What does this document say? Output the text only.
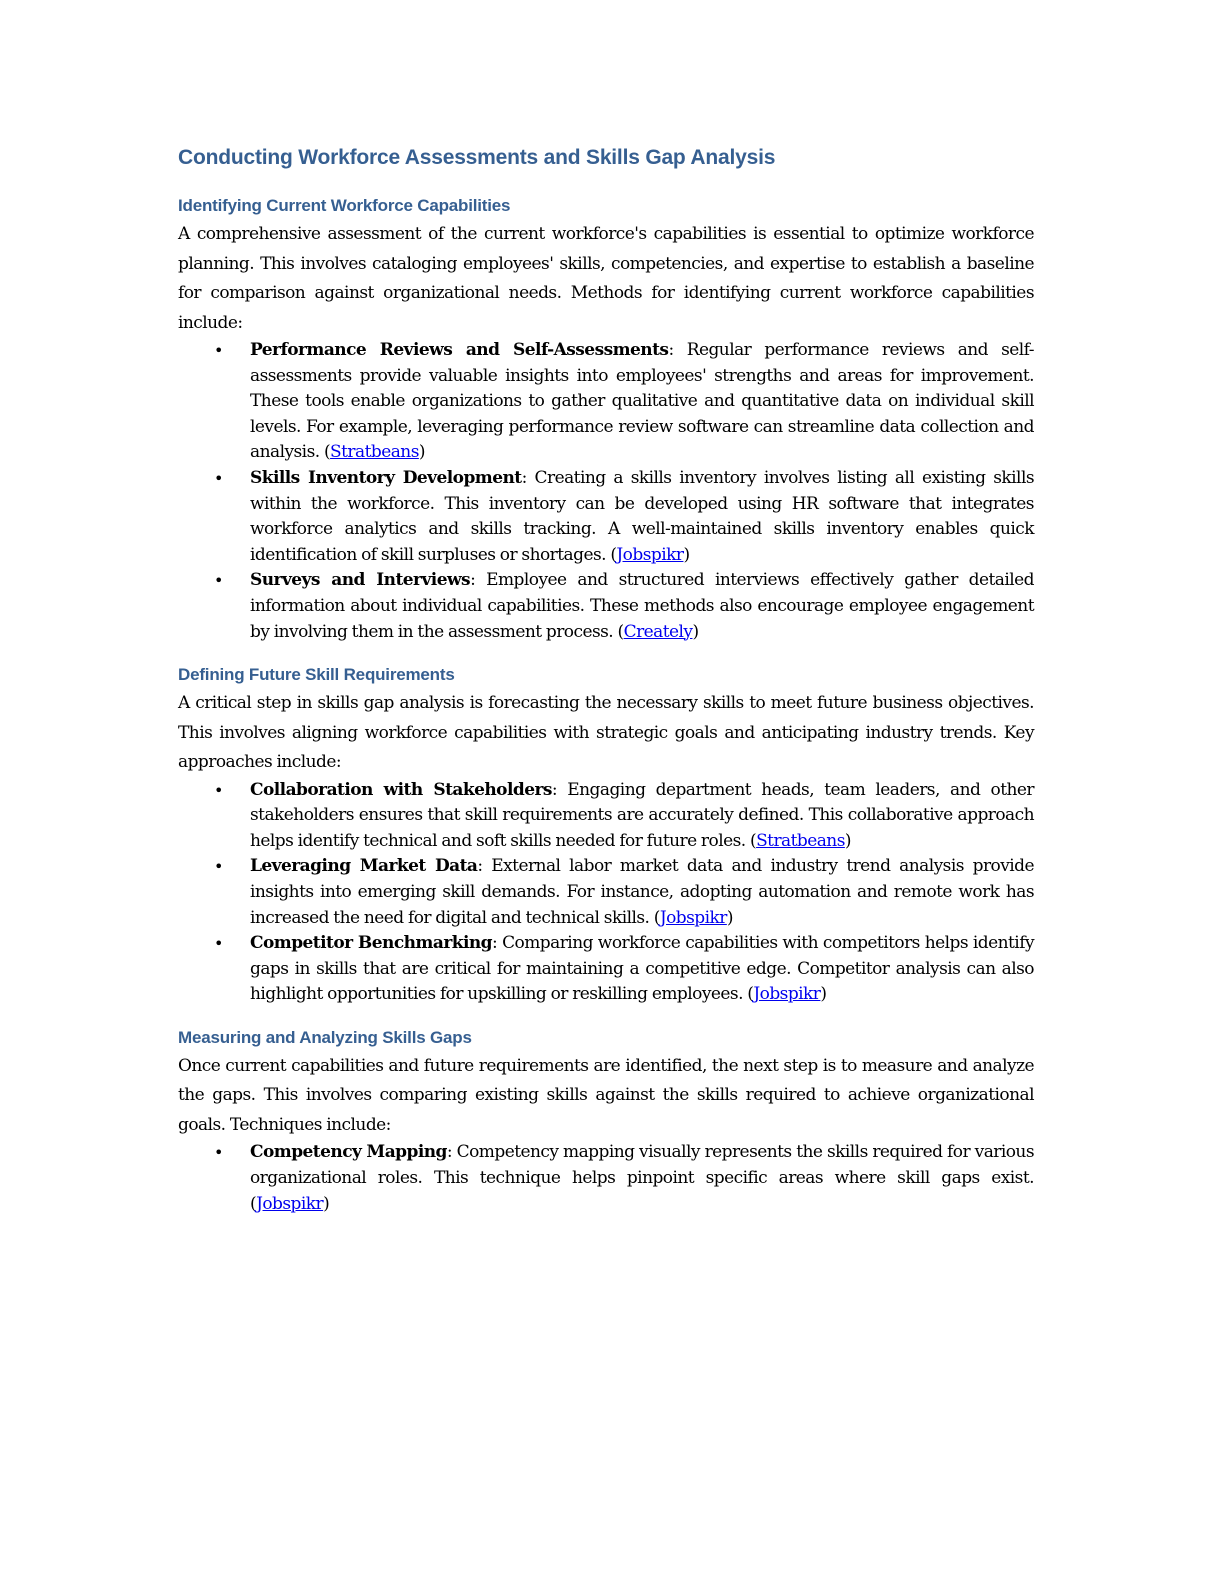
Conducting Workforce Assessments and Skills Gap Analysis
Identifying Current Workforce Capabilities

A comprehensive assessment of the current workforce's capabilities is essential to optimize workforce planning. This involves cataloging employees' skills, competencies, and expertise to establish a baseline for comparison against organizational needs. Methods for identifying current workforce capabilities include:

• Performance Reviews and Self-Assessments: Regular performance reviews and self-assessments provide valuable insights into employees' strengths and areas for improvement. These tools enable organizations to gather qualitative and quantitative data on individual skill levels. For example, leveraging performance review software can streamline data collection and analysis. (Stratbeans)
• Skills Inventory Development: Creating a skills inventory involves listing all existing skills within the workforce. This inventory can be developed using HR software that integrates workforce analytics and skills tracking. A well-maintained skills inventory enables quick identification of skill surpluses or shortages. (Jobspikr)
• Surveys and Interviews: Employee and structured interviews effectively gather detailed information about individual capabilities. These methods also encourage employee engagement by involving them in the assessment process. (Creately)
Defining Future Skill Requirements

A critical step in skills gap analysis is forecasting the necessary skills to meet future business objectives. This involves aligning workforce capabilities with strategic goals and anticipating industry trends. Key approaches include:

• Collaboration with Stakeholders: Engaging department heads, team leaders, and other stakeholders ensures that skill requirements are accurately defined. This collaborative approach helps identify technical and soft skills needed for future roles. (Stratbeans)
• Leveraging Market Data: External labor market data and industry trend analysis provide insights into emerging skill demands. For instance, adopting automation and remote work has increased the need for digital and technical skills. (Jobspikr)
• Competitor Benchmarking: Comparing workforce capabilities with competitors helps identify gaps in skills that are critical for maintaining a competitive edge. Competitor analysis can also highlight opportunities for upskilling or reskilling employees. (Jobspikr)
Measuring and Analyzing Skills Gaps

Once current capabilities and future requirements are identified, the next step is to measure and analyze the gaps. This involves comparing existing skills against the skills required to achieve organizational goals. Techniques include:

• Competency Mapping: Competency mapping visually represents the skills required for various organizational roles. This technique helps pinpoint specific areas where skill gaps exist. (Jobspikr)
